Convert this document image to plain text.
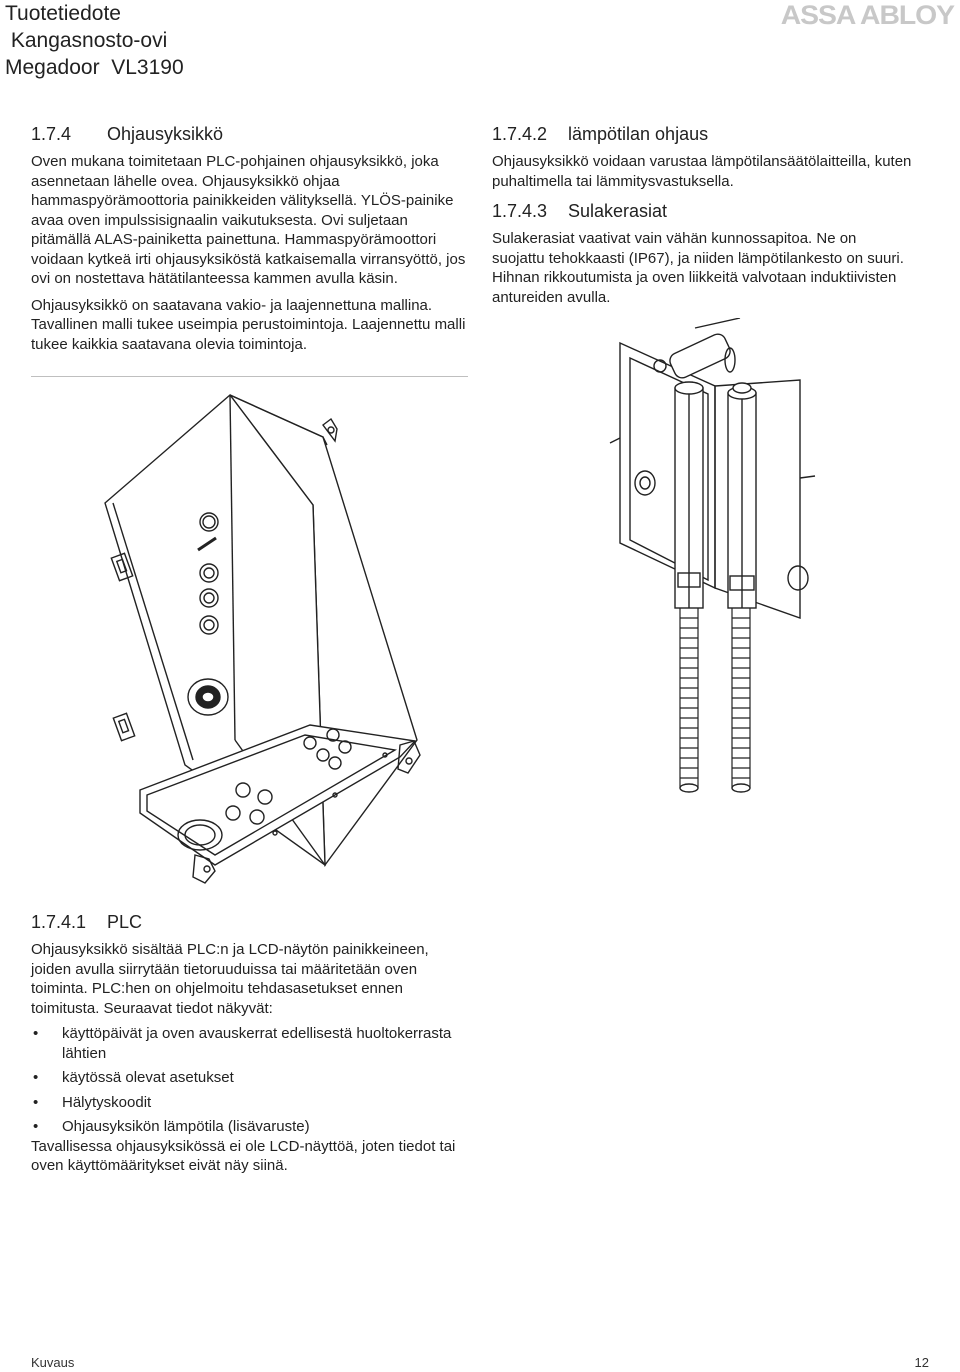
Tuotetiedote
Kangasnosto-ovi
Megadoor  VL3190
ASSA ABLOY
1.7.4	Ohjausyksikkö

Oven mukana toimitetaan PLC-pohjainen ohjausyksikkö, joka asennetaan lähelle ovea. Ohjausyksikkö ohjaa hammaspyörämoottoria painikkeiden välityksellä. YLÖS-painike avaa oven impulssisignaalin vaikutuksesta. Ovi suljetaan pitämällä ALAS-painiketta painettuna. Hammaspyörämoottori voidaan kytkeä irti ohjausyksiköstä katkaisemalla virransyöttö, jos ovi on nostettava hätätilanteessa kammen avulla käsin.

Ohjausyksikkö on saatavana vakio- ja laajennettuna mallina. Tavallinen malli tukee useimpia perustoimintoja. Laajennettu malli tukee kaikkia saatavana olevia toimintoja.

1.7.4.2	lämpötilan ohjaus

Ohjausyksikkö voidaan varustaa lämpötilansäätölaitteilla, kuten puhaltimella tai lämmitysvastuksella.

1.7.4.3	Sulakerasiat

Sulakerasiat vaativat vain vähän kunnossapitoa. Ne on suojattu tehokkaasti (IP67), ja niiden lämpötilankesto on suuri. Hihnan rikkoutumista ja oven liikkeitä valvotaan induktiivisten antureiden avulla.

1.7.4.1	PLC

Ohjausyksikkö sisältää PLC:n ja LCD-näytön painikkeineen, joiden avulla siirrytään tietoruuduissa tai määritetään oven toiminta. PLC:hen on ohjelmoitu tehdasasetukset ennen toimitusta. Seuraavat tiedot näkyvät:

• käyttöpäivät ja oven avauskerrat edellisestä huoltokerrasta lähtien
• käytössä olevat asetukset
• Hälytyskoodit
• Ohjausyksikön lämpötila (lisävaruste)

Tavallisessa ohjausyksikössä ei ole LCD-näyttöä, joten tiedot tai oven käyttömääritykset eivät näy siinä.

Kuvaus	12
